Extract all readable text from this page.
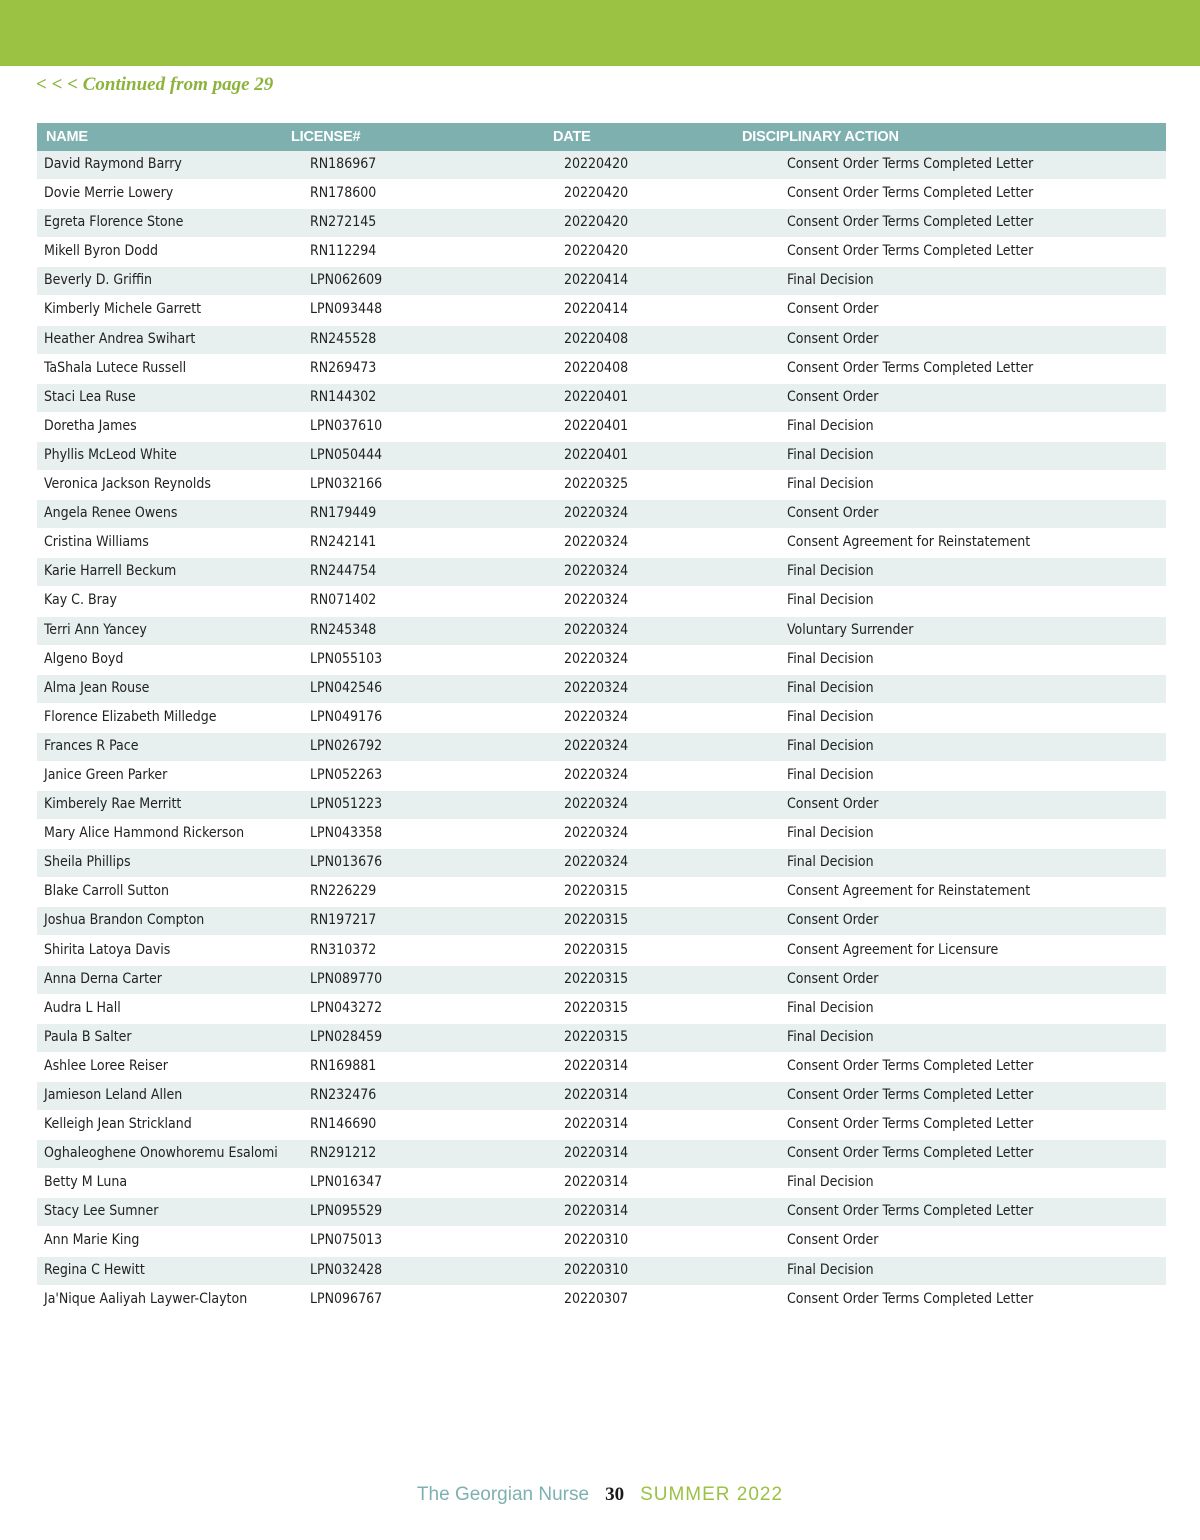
< < < Continued from page 29
NAME	LICENSE#	DATE	DISCIPLINARY ACTION
David Raymond Barry	RN186967	20220420	Consent Order Terms Completed Letter
Dovie Merrie Lowery	RN178600	20220420	Consent Order Terms Completed Letter
Egreta Florence Stone	RN272145	20220420	Consent Order Terms Completed Letter
Mikell Byron Dodd	RN112294	20220420	Consent Order Terms Completed Letter
Beverly D. Griffin	LPN062609	20220414	Final Decision
Kimberly Michele Garrett	LPN093448	20220414	Consent Order
Heather Andrea Swihart	RN245528	20220408	Consent Order
TaShala Lutece Russell	RN269473	20220408	Consent Order Terms Completed Letter
Staci Lea Ruse	RN144302	20220401	Consent Order
Doretha James	LPN037610	20220401	Final Decision
Phyllis McLeod White	LPN050444	20220401	Final Decision
Veronica Jackson Reynolds	LPN032166	20220325	Final Decision
Angela Renee Owens	RN179449	20220324	Consent Order
Cristina Williams	RN242141	20220324	Consent Agreement for Reinstatement
Karie Harrell Beckum	RN244754	20220324	Final Decision
Kay C. Bray	RN071402	20220324	Final Decision
Terri Ann Yancey	RN245348	20220324	Voluntary Surrender
Algeno Boyd	LPN055103	20220324	Final Decision
Alma Jean Rouse	LPN042546	20220324	Final Decision
Florence Elizabeth Milledge	LPN049176	20220324	Final Decision
Frances R Pace	LPN026792	20220324	Final Decision
Janice Green Parker	LPN052263	20220324	Final Decision
Kimberely Rae Merritt	LPN051223	20220324	Consent Order
Mary Alice Hammond Rickerson	LPN043358	20220324	Final Decision
Sheila Phillips	LPN013676	20220324	Final Decision
Blake Carroll Sutton	RN226229	20220315	Consent Agreement for Reinstatement
Joshua Brandon Compton	RN197217	20220315	Consent Order
Shirita Latoya Davis	RN310372	20220315	Consent Agreement for Licensure
Anna Derna Carter	LPN089770	20220315	Consent Order
Audra L Hall	LPN043272	20220315	Final Decision
Paula B Salter	LPN028459	20220315	Final Decision
Ashlee Loree Reiser	RN169881	20220314	Consent Order Terms Completed Letter
Jamieson Leland Allen	RN232476	20220314	Consent Order Terms Completed Letter
Kelleigh Jean Strickland	RN146690	20220314	Consent Order Terms Completed Letter
Oghaleoghene Onowhoremu Esalomi RN291212	20220314	Consent Order Terms Completed Letter
Betty M Luna	LPN016347	20220314	Final Decision
Stacy Lee Sumner	LPN095529	20220314	Consent Order Terms Completed Letter
Ann Marie King	LPN075013	20220310	Consent Order
Regina C Hewitt	LPN032428	20220310	Final Decision
Ja'Nique Aaliyah Laywer-Clayton	LPN096767	20220307	Consent Order Terms Completed Letter
The Georgian Nurse 30 SUMMER 2022
